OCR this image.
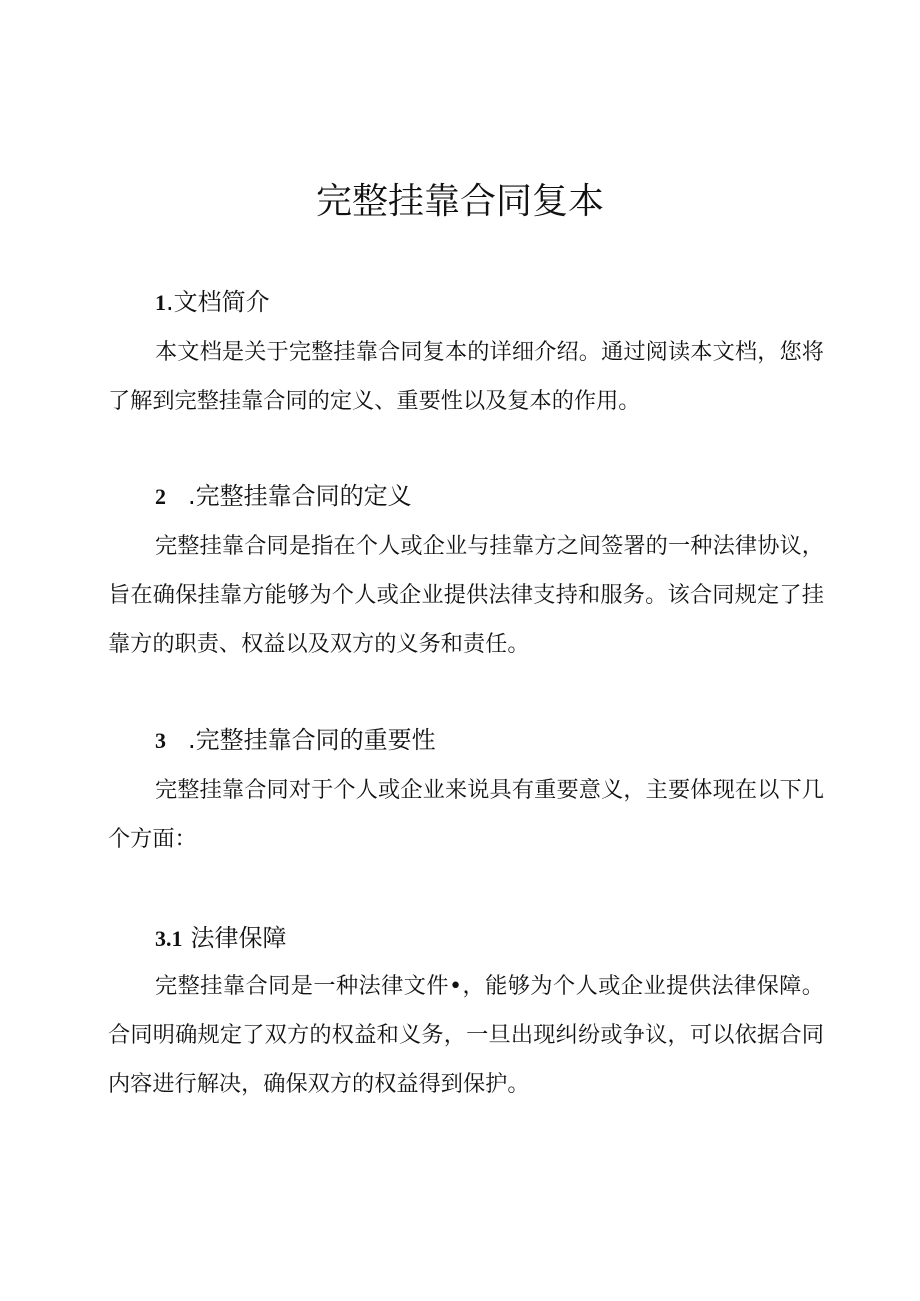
完整挂靠合同复本
1.文档简介

本文档是关于完整挂靠合同复本的详细介绍。通过阅读本文档，您将了解到完整挂靠合同的定义、重要性以及复本的作用。

2 .完整挂靠合同的定义

完整挂靠合同是指在个人或企业与挂靠方之间签署的一种法律协议，旨在确保挂靠方能够为个人或企业提供法律支持和服务。该合同规定了挂靠方的职责、权益以及双方的义务和责任。

3 .完整挂靠合同的重要性

完整挂靠合同对于个人或企业来说具有重要意义，主要体现在以下几个方面：

3.1 法律保障

完整挂靠合同是一种法律文件•，能够为个人或企业提供法律保障。合同明确规定了双方的权益和义务，一旦出现纠纷或争议，可以依据合同内容进行解决，确保双方的权益得到保护。
